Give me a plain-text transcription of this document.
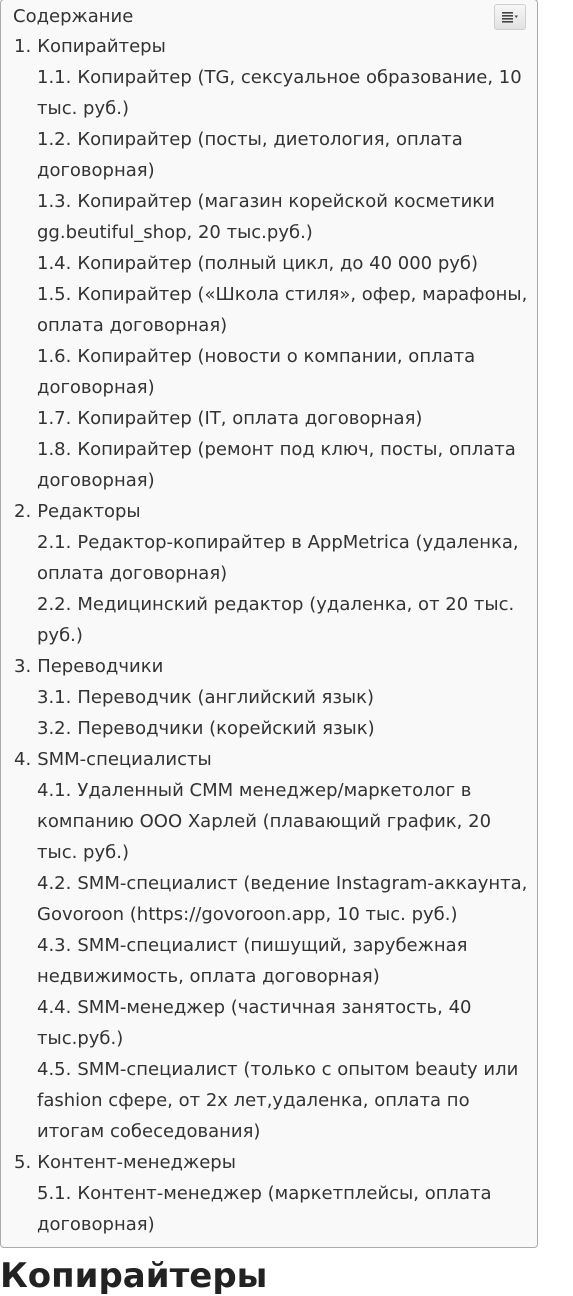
Содержание
1. Копирайтеры
1.1. Копирайтер (TG, сексуальное образование, 10 тыс. руб.)
1.2. Копирайтер (посты, диетология, оплата договорная)
1.3. Копирайтер (магазин корейской косметики gg.beutiful_shop, 20 тыс.руб.)
1.4. Копирайтер (полный цикл, до 40 000 руб)
1.5. Копирайтер («Школа стиля», офер, марафоны, оплата договорная)
1.6. Копирайтер (новости о компании, оплата договорная)
1.7. Копирайтер (IT, оплата договорная)
1.8. Копирайтер (ремонт под ключ, посты, оплата договорная)
2. Редакторы
2.1. Редактор-копирайтер в AppMetrica (удаленка, оплата договорная)
2.2. Медицинский редактор (удаленка, от 20 тыс. руб.)
3. Переводчики
3.1. Переводчик (английский язык)
3.2. Переводчики (корейский язык)
4. SMM-специалисты
4.1. Удаленный CMM менеджер/маркетолог в компанию ООО Харлей (плавающий график, 20 тыс. руб.)
4.2. SMM-специалист (ведение Instagram-аккаунта, Govoroon (https://govoroon.app, 10 тыс. руб.)
4.3. SMM-специалист (пишущий, зарубежная недвижимость, оплата договорная)
4.4. SMM-менеджер (частичная занятость, 40 тыс.руб.)
4.5. SMM-специалист (только с опытом beauty или fashion сфере, от 2х лет,удаленка, оплата по итогам собеседования)
5. Контент-менеджеры
5.1. Контент-менеджер (маркетплейсы, оплата договорная)
Копирайтеры
